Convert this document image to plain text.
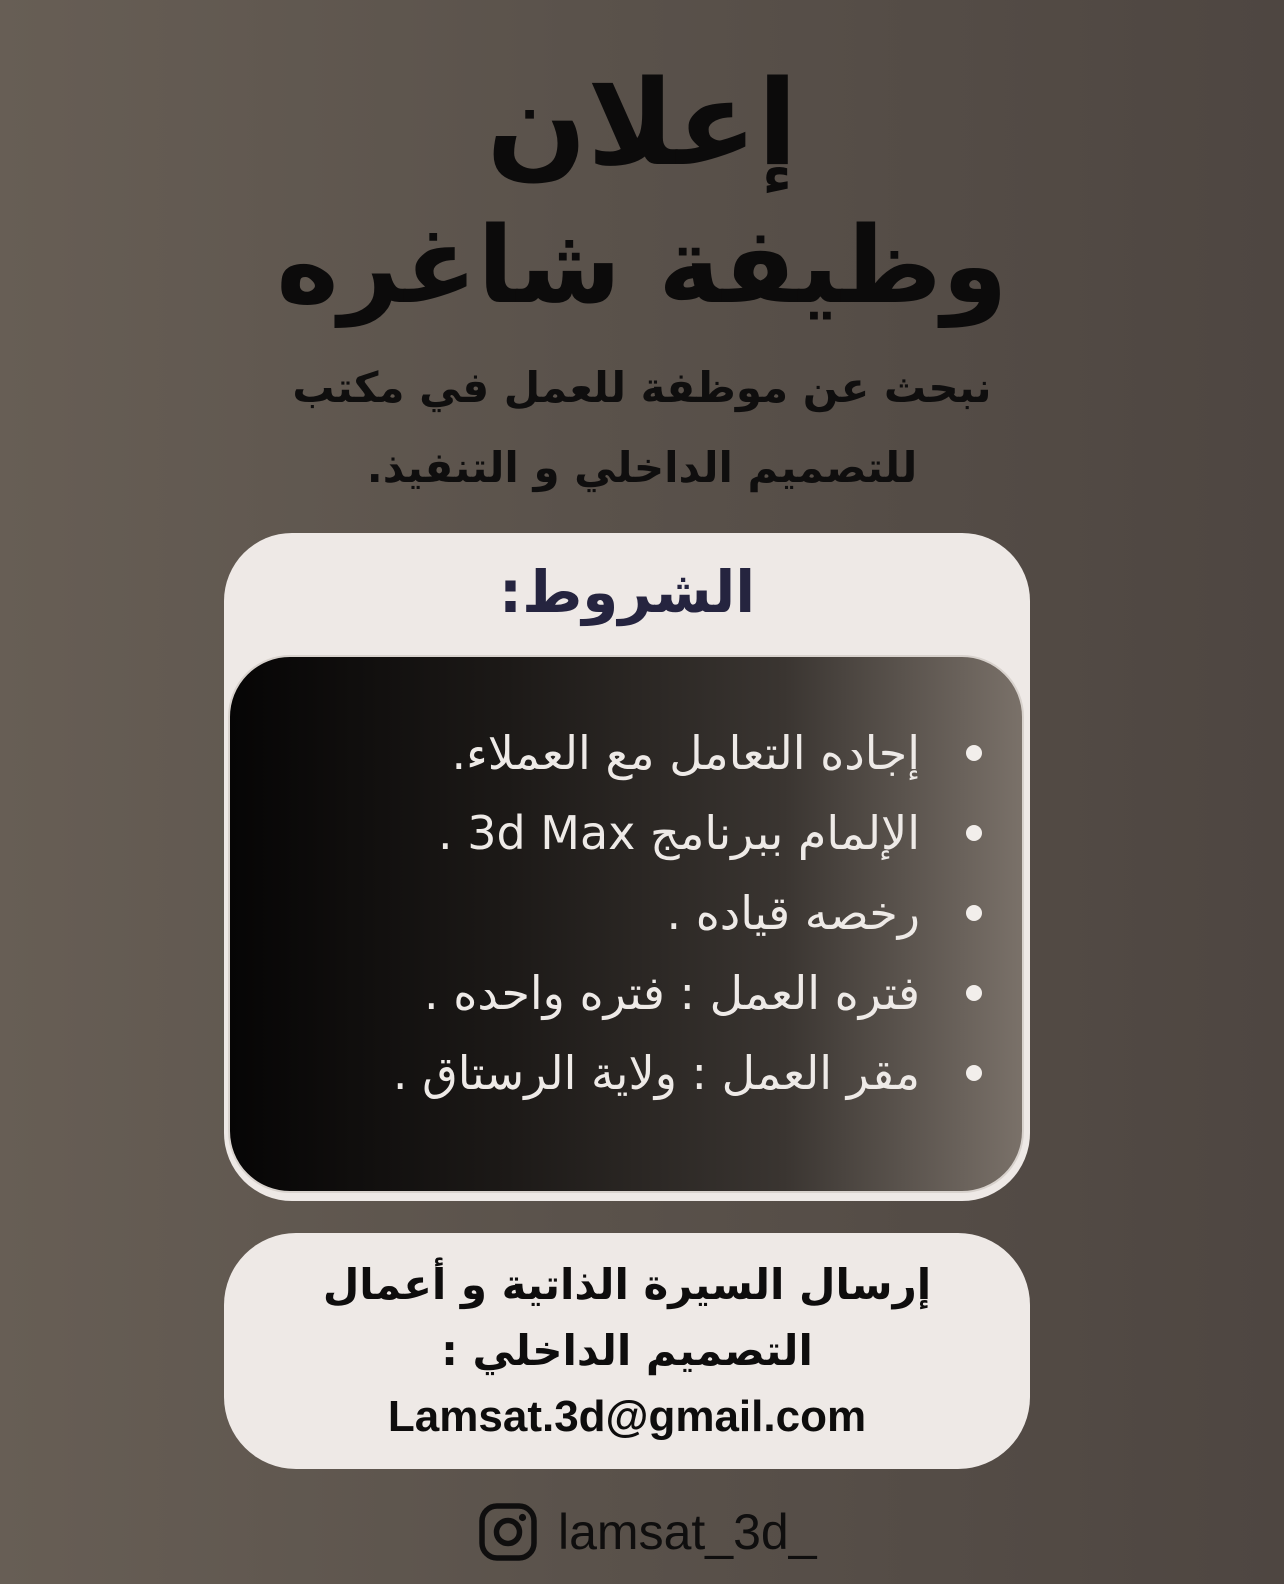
إعلان
وظيفة شاغره
نبحث عن موظفة للعمل في مكتب
للتصميم الداخلي و التنفيذ.
الشروط:
إجاده التعامل مع العملاء.
الإلمام ببرنامج 3d Max .
رخصه قياده .
فتره العمل : فتره واحده .
مقر العمل : ولاية الرستاق .
إرسال السيرة الذاتية و أعمال
التصميم الداخلي :
Lamsat.3d@gmail.com
lamsat_3d_
